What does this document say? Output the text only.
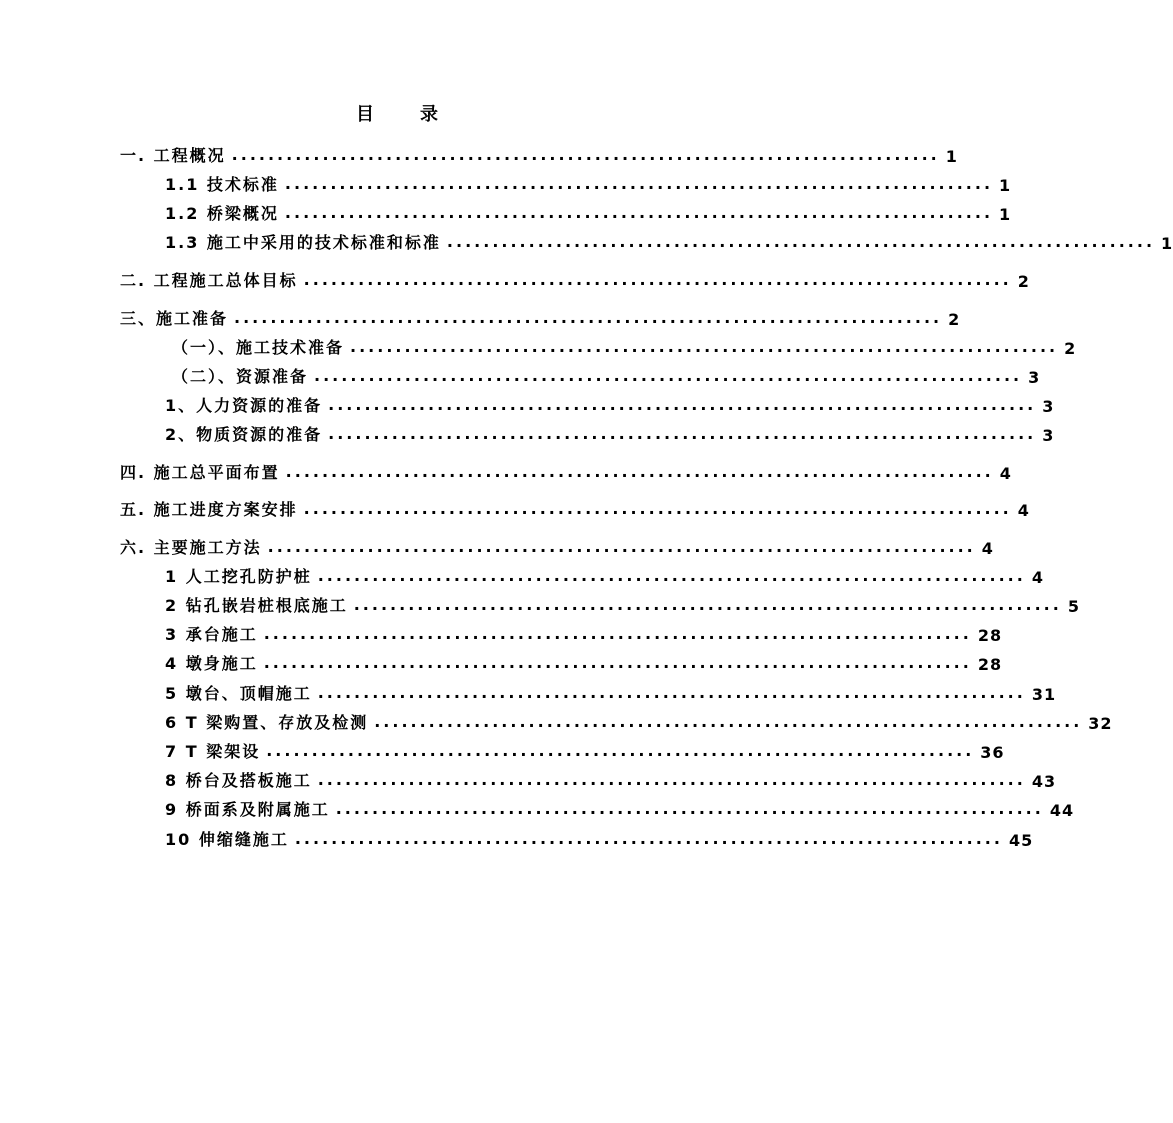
目　录
一. 工程概况 .............................................................................. 1
1.1 技术标准 .............................................................................. 1
1.2 桥梁概况 .............................................................................. 1
1.3 施工中采用的技术标准和标准 .............................................................................. 1
二. 工程施工总体目标 .............................................................................. 2
三、施工准备 .............................................................................. 2
（一）、施工技术准备 .............................................................................. 2
（二）、资源准备 .............................................................................. 3
1、人力资源的准备 .............................................................................. 3
2、物质资源的准备 .............................................................................. 3
四. 施工总平面布置 .............................................................................. 4
五. 施工进度方案安排 .............................................................................. 4
六. 主要施工方法 .............................................................................. 4
1 人工挖孔防护桩 .............................................................................. 4
2 钻孔嵌岩桩根底施工 .............................................................................. 5
3 承台施工 .............................................................................. 28
4 墩身施工 .............................................................................. 28
5 墩台、顶帽施工 .............................................................................. 31
6 T 梁购置、存放及检测 .............................................................................. 32
7 T 梁架设 .............................................................................. 36
8 桥台及搭板施工 .............................................................................. 43
9 桥面系及附属施工 .............................................................................. 44
10 伸缩缝施工 .............................................................................. 45
